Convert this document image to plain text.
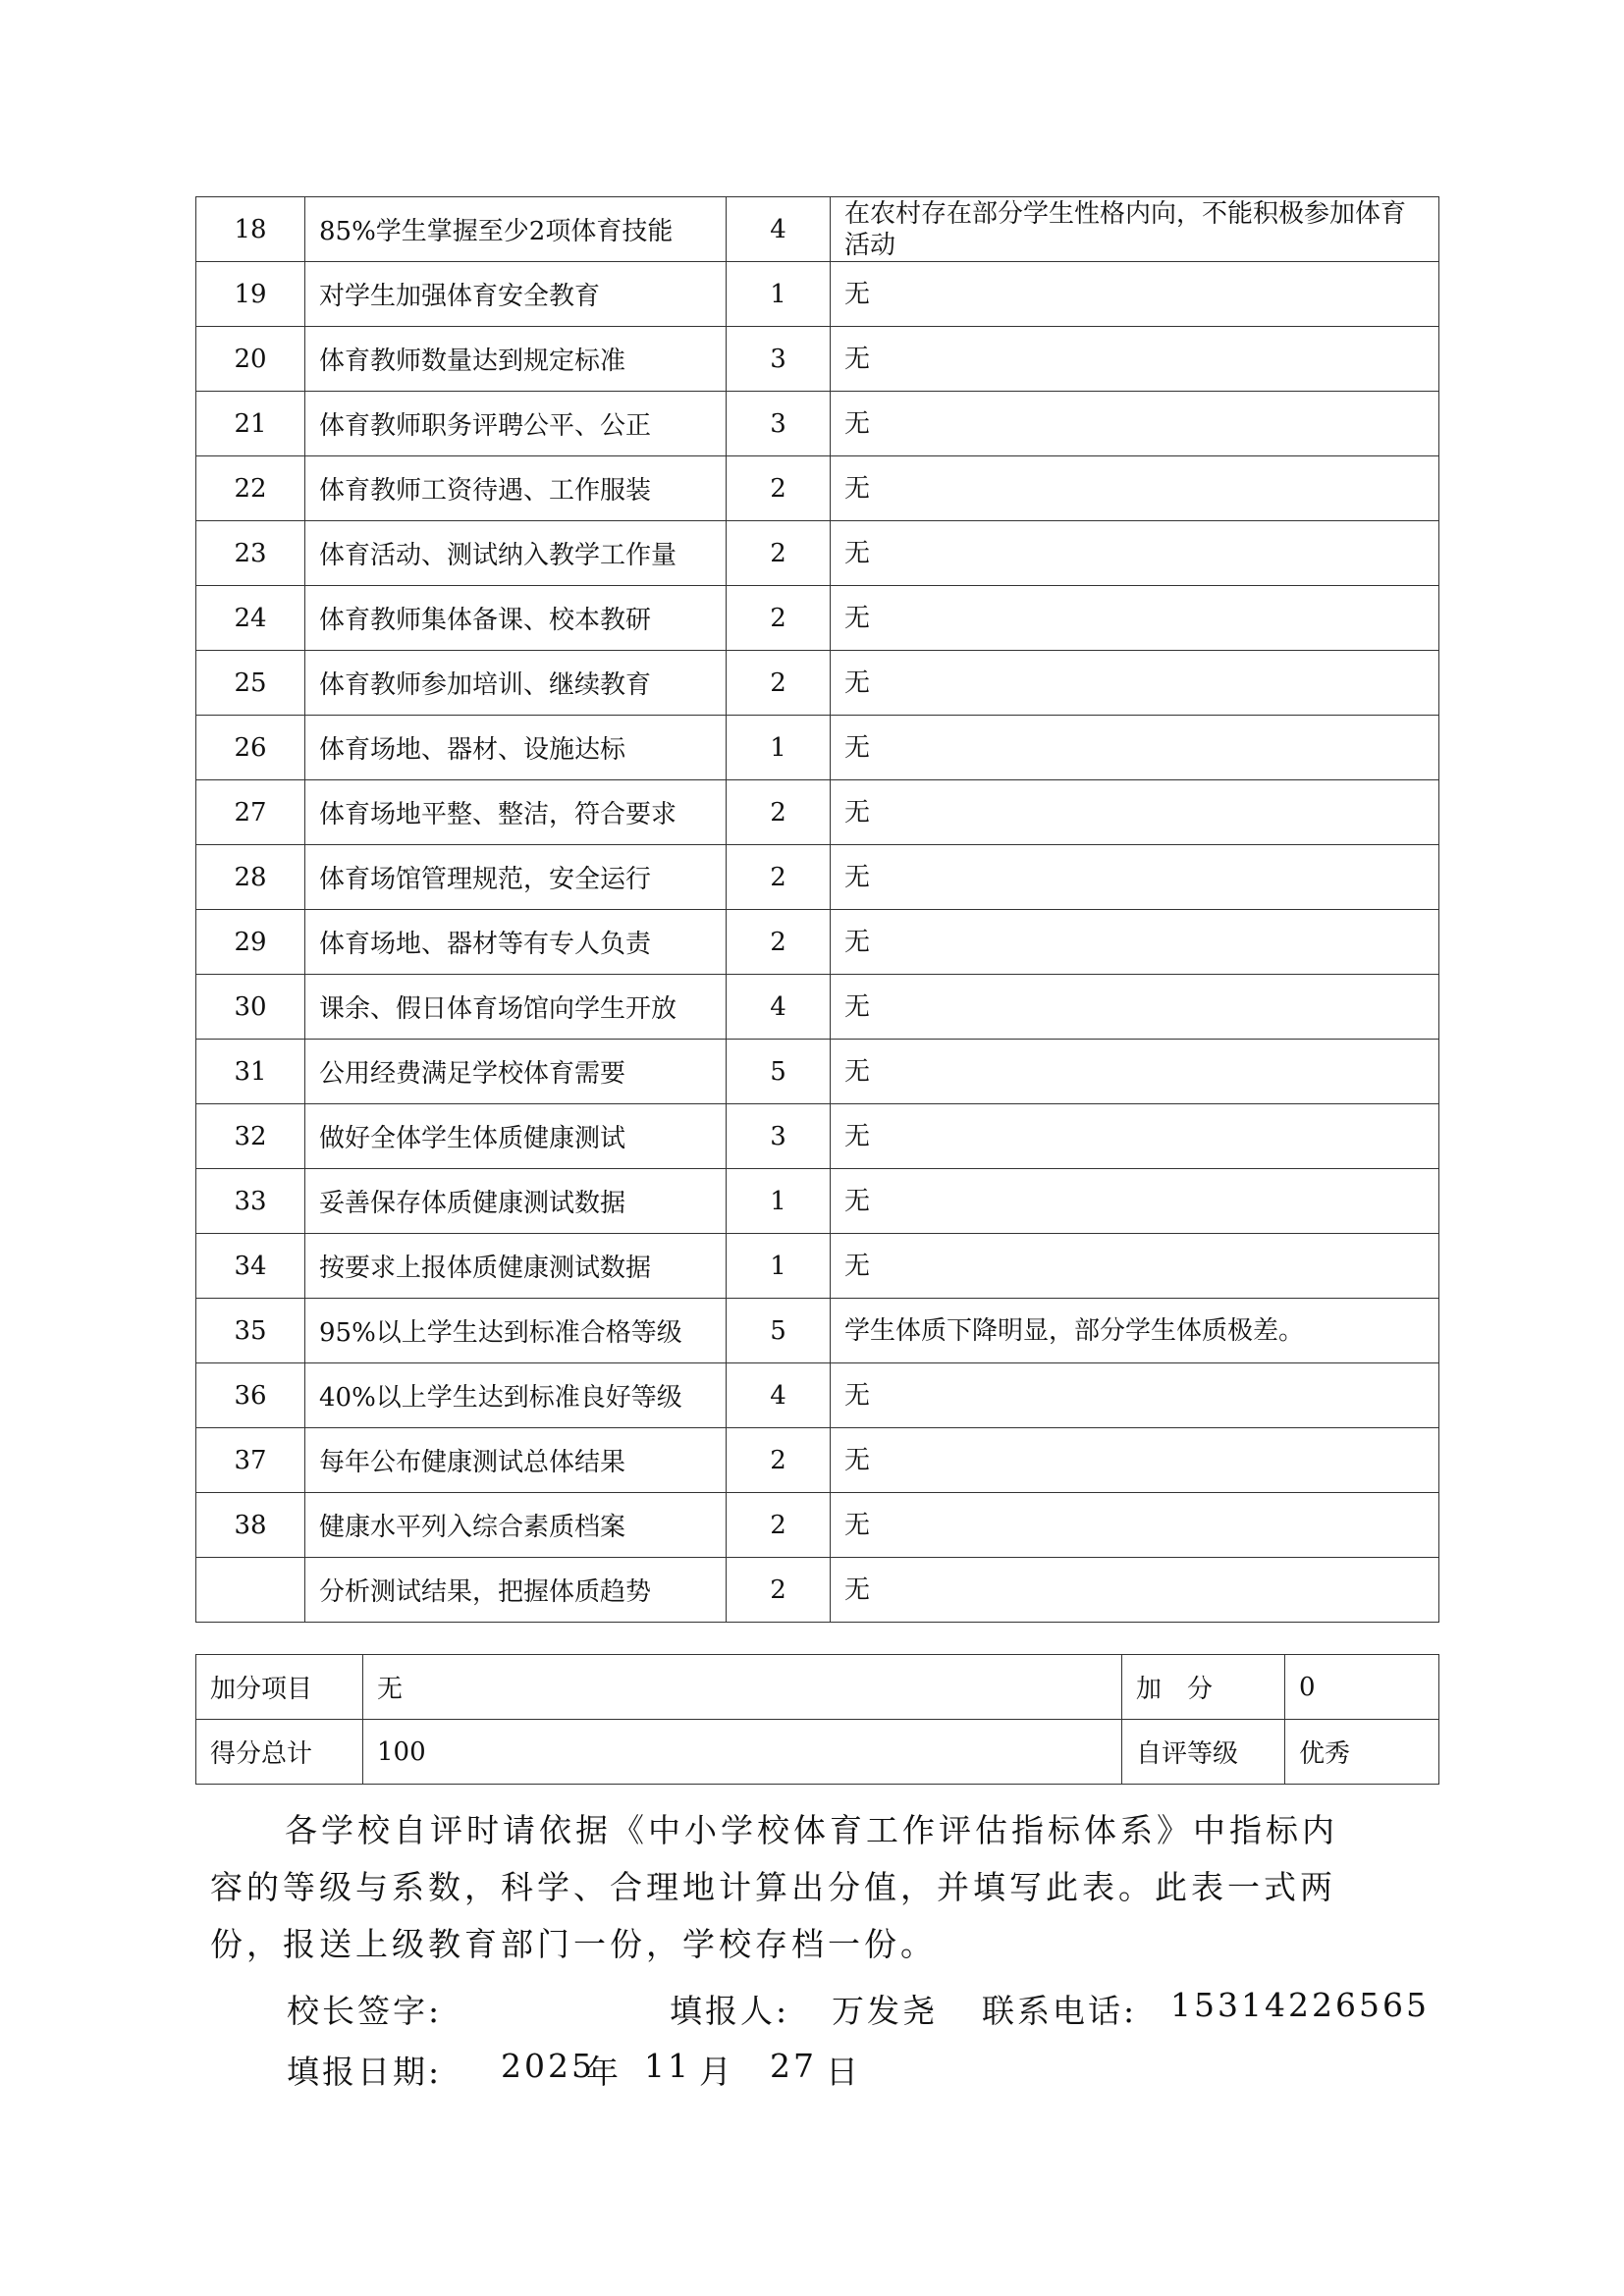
18	85%学生掌握至少2项体育技能	4	在农村存在部分学生性格内向，不能积极参加体育活动
19	对学生加强体育安全教育	1	无
20	体育教师数量达到规定标准	3	无
21	体育教师职务评聘公平、公正	3	无
22	体育教师工资待遇、工作服装	2	无
23	体育活动、测试纳入教学工作量	2	无
24	体育教师集体备课、校本教研	2	无
25	体育教师参加培训、继续教育	2	无
26	体育场地、器材、设施达标	1	无
27	体育场地平整、整洁，符合要求	2	无
28	体育场馆管理规范，安全运行	2	无
29	体育场地、器材等有专人负责	2	无
30	课余、假日体育场馆向学生开放	4	无
31	公用经费满足学校体育需要	5	无
32	做好全体学生体质健康测试	3	无
33	妥善保存体质健康测试数据	1	无
34	按要求上报体质健康测试数据	1	无
35	95%以上学生达到标准合格等级	5	学生体质下降明显，部分学生体质极差。
36	40%以上学生达到标准良好等级	4	无
37	每年公布健康测试总体结果	2	无
38	健康水平列入综合素质档案	2	无
	分析测试结果，把握体质趋势	2	无
加分项目	无	加　分	0
得分总计	100	自评等级	优秀
各学校自评时请依据《中小学校体育工作评估指标体系》中指标内
容的等级与系数，科学、合理地计算出分值，并填写此表。此表一式两
份，报送上级教育部门一份，学校存档一份。
校长签字:	填报人: 万发尧 联系电话: 15314226565
填报日期: 2025
年 11 月 27 日
